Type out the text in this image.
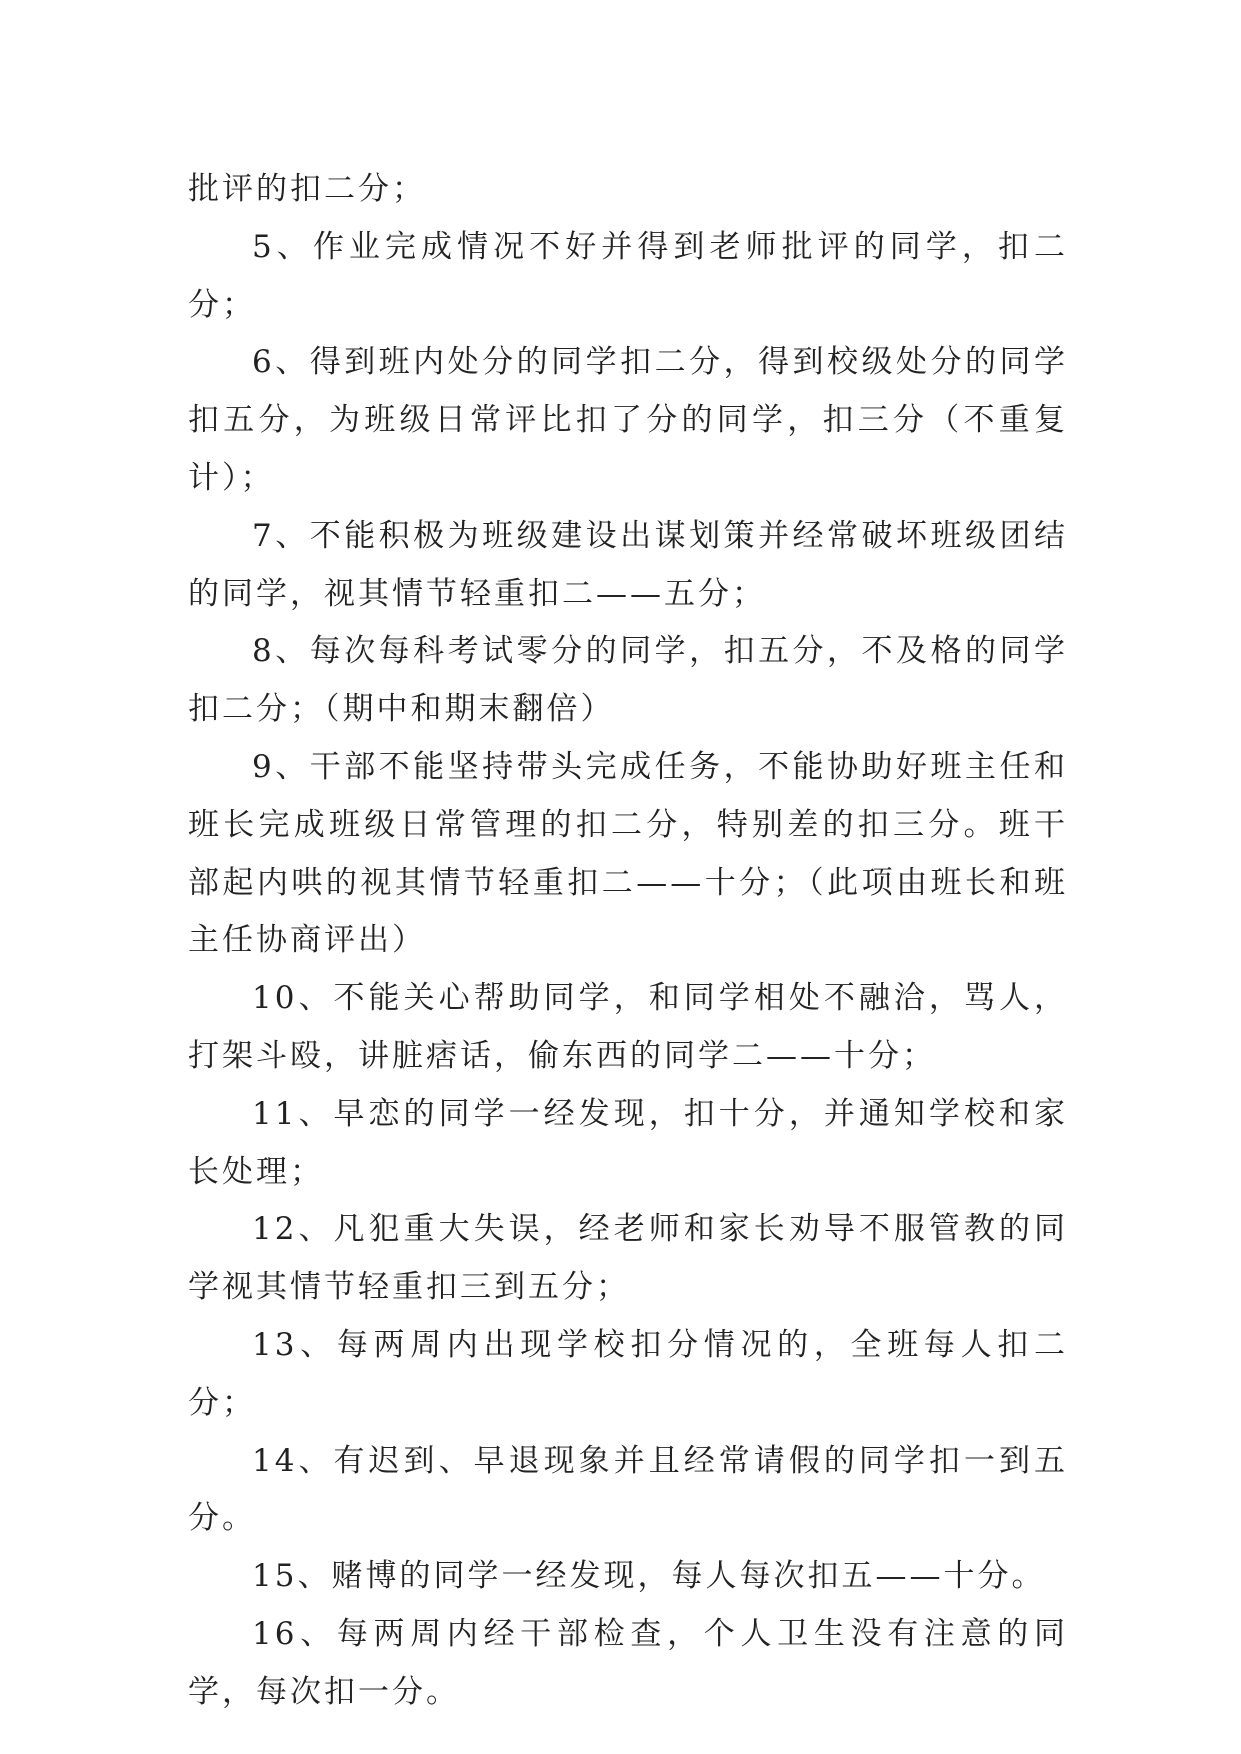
批评的扣二分；

5、作业完成情况不好并得到老师批评的同学，扣二分；

6、得到班内处分的同学扣二分，得到校级处分的同学扣五分，为班级日常评比扣了分的同学，扣三分（不重复计）；

7、不能积极为班级建设出谋划策并经常破坏班级团结的同学，视其情节轻重扣二——五分；

8、每次每科考试零分的同学，扣五分，不及格的同学扣二分；（期中和期末翻倍）

9、干部不能坚持带头完成任务，不能协助好班主任和班长完成班级日常管理的扣二分，特别差的扣三分。班干部起内哄的视其情节轻重扣二——十分；（此项由班长和班主任协商评出）

10、不能关心帮助同学，和同学相处不融洽，骂人，打架斗殴，讲脏痞话，偷东西的同学二——十分；

11、早恋的同学一经发现，扣十分，并通知学校和家长处理；

12、凡犯重大失误，经老师和家长劝导不服管教的同学视其情节轻重扣三到五分；

13、每两周内出现学校扣分情况的，全班每人扣二分；

14、有迟到、早退现象并且经常请假的同学扣一到五分。

15、赌博的同学一经发现，每人每次扣五——十分。

16、每两周内经干部检查，个人卫生没有注意的同学，每次扣一分。
